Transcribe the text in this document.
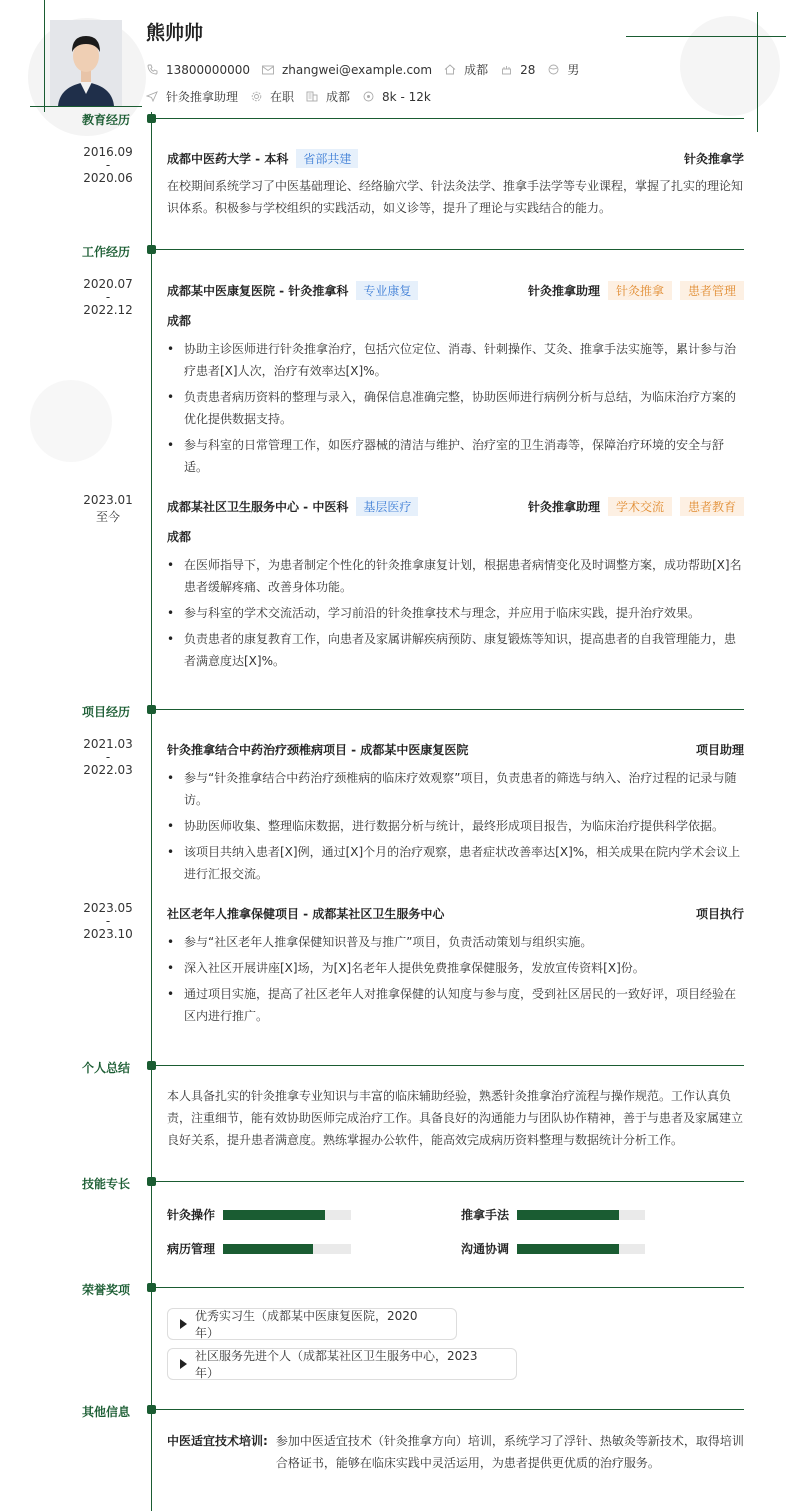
熊帅帅
13800000000	zhangwei@example.com	成都	28	男
针灸推拿助理	在职	成都	8k - 12k
教育经历
2016.09
-
2020.06
成都中医药大学 - 本科	省部共建	针灸推拿学
在校期间系统学习了中医基础理论、经络腧穴学、针法灸法学、推拿手法学等专业课程，掌握了扎实的理论知识体系。积极参与学校组织的实践活动，如义诊等，提升了理论与实践结合的能力。
工作经历
2020.07
-
2022.12
成都某中医康复医院 - 针灸推拿科	专业康复	针灸推拿助理	针灸推拿	患者管理
成都
• 协助主诊医师进行针灸推拿治疗，包括穴位定位、消毒、针刺操作、艾灸、推拿手法实施等，累计参与治疗患者[X]人次，治疗有效率达[X]%。
• 负责患者病历资料的整理与录入，确保信息准确完整，协助医师进行病例分析与总结，为临床治疗方案的优化提供数据支持。
• 参与科室的日常管理工作，如医疗器械的清洁与维护、治疗室的卫生消毒等，保障治疗环境的安全与舒适。
2023.01
至今
成都某社区卫生服务中心 - 中医科	基层医疗	针灸推拿助理	学术交流	患者教育
成都
• 在医师指导下，为患者制定个性化的针灸推拿康复计划，根据患者病情变化及时调整方案，成功帮助[X]名患者缓解疼痛、改善身体功能。
• 参与科室的学术交流活动，学习前沿的针灸推拿技术与理念，并应用于临床实践，提升治疗效果。
• 负责患者的康复教育工作，向患者及家属讲解疾病预防、康复锻炼等知识，提高患者的自我管理能力，患者满意度达[X]%。
项目经历
2021.03
-
2022.03
针灸推拿结合中药治疗颈椎病项目 - 成都某中医康复医院	项目助理
• 参与“针灸推拿结合中药治疗颈椎病的临床疗效观察”项目，负责患者的筛选与纳入、治疗过程的记录与随访。
• 协助医师收集、整理临床数据，进行数据分析与统计，最终形成项目报告，为临床治疗提供科学依据。
• 该项目共纳入患者[X]例，通过[X]个月的治疗观察，患者症状改善率达[X]%，相关成果在院内学术会议上进行汇报交流。
2023.05
-
2023.10
社区老年人推拿保健项目 - 成都某社区卫生服务中心	项目执行
• 参与“社区老年人推拿保健知识普及与推广”项目，负责活动策划与组织实施。
• 深入社区开展讲座[X]场，为[X]名老年人提供免费推拿保健服务，发放宣传资料[X]份。
• 通过项目实施，提高了社区老年人对推拿保健的认知度与参与度，受到社区居民的一致好评，项目经验在区内进行推广。
个人总结
本人具备扎实的针灸推拿专业知识与丰富的临床辅助经验，熟悉针灸推拿治疗流程与操作规范。工作认真负责，注重细节，能有效协助医师完成治疗工作。具备良好的沟通能力与团队协作精神，善于与患者及家属建立良好关系，提升患者满意度。熟练掌握办公软件，能高效完成病历资料整理与数据统计分析工作。
技能专长
针灸操作	推拿手法
病历管理	沟通协调
荣誉奖项
优秀实习生（成都某中医康复医院，2020 年）
社区服务先进个人（成都某社区卫生服务中心，2023 年）
其他信息
中医适宜技术培训: 参加中医适宜技术（针灸推拿方向）培训，系统学习了浮针、热敏灸等新技术，取得培训合格证书，能够在临床实践中灵活运用，为患者提供更优质的治疗服务。
